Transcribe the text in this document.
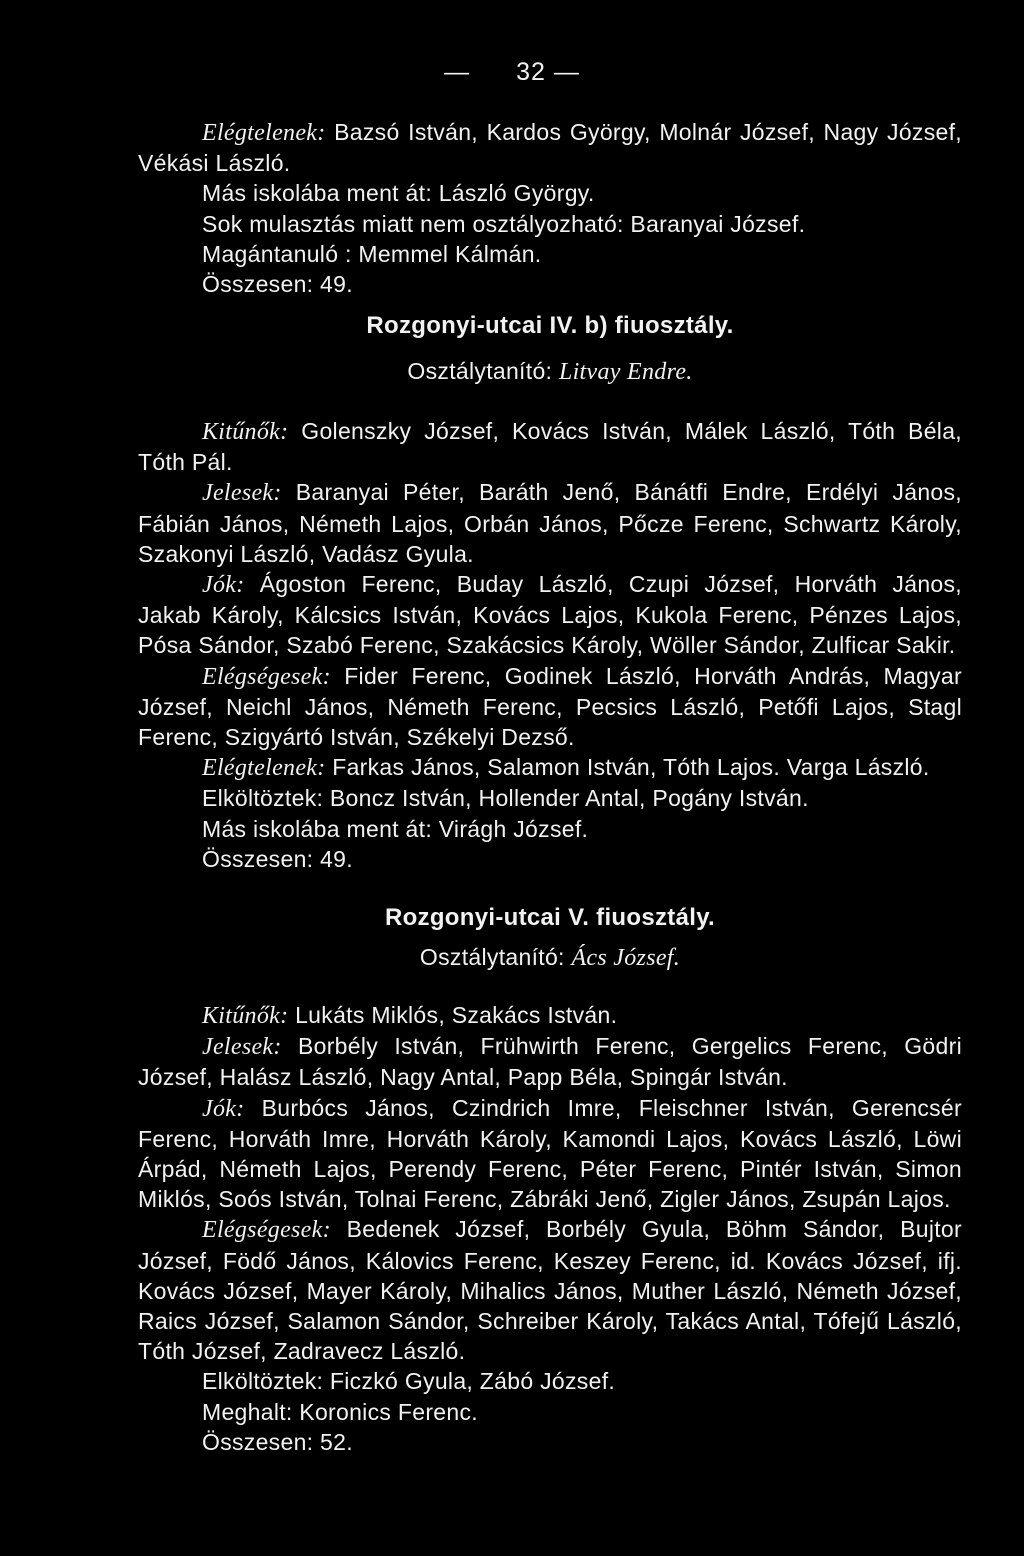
— 32 —

Elégtelenek: Bazsó István, Kardos György, Molnár József, Nagy József, Vékási László.

Más iskolába ment át: László György.

Sok mulasztás miatt nem osztályozható: Baranyai József.

Magántanuló : Memmel Kálmán.

Összesen: 49.

Rozgonyi-utcai IV. b) fiuosztály.
Osztálytanító: Litvay Endre.

Kitűnők: Golenszky József, Kovács István, Málek László, Tóth Béla, Tóth Pál.

Jelesek: Baranyai Péter, Baráth Jenő, Bánátfi Endre, Erdélyi János, Fábián János, Németh Lajos, Orbán János, Pőcze Ferenc, Schwartz Károly, Szakonyi László, Vadász Gyula.

Jók: Ágoston Ferenc, Buday László, Czupi József, Horváth János, Jakab Károly, Kálcsics István, Kovács Lajos, Kukola Ferenc, Pénzes Lajos, Pósa Sándor, Szabó Ferenc, Szakácsics Károly, Wöller Sándor, Zulficar Sakir.

Elégségesek: Fider Ferenc, Godinek László, Horváth András, Magyar József, Neichl János, Németh Ferenc, Pecsics László, Petőfi Lajos, Stagl Ferenc, Szigyártó István, Székelyi Dezső.

Elégtelenek: Farkas János, Salamon István, Tóth Lajos. Varga László.

Elköltöztek: Boncz István, Hollender Antal, Pogány István.

Más iskolába ment át: Virágh József.

Összesen: 49.

Rozgonyi-utcai V. fiuosztály.
Osztálytanító: Ács József.

Kitűnők: Lukáts Miklós, Szakács István.

Jelesek: Borbély István, Frühwirth Ferenc, Gergelics Ferenc, Gödri József, Halász László, Nagy Antal, Papp Béla, Spingár István.

Jók: Burbócs János, Czindrich Imre, Fleischner István, Gerencsér Ferenc, Horváth Imre, Horváth Károly, Kamondi Lajos, Kovács László, Löwi Árpád, Németh Lajos, Perendy Ferenc, Péter Ferenc, Pintér István, Simon Miklós, Soós István, Tolnai Ferenc, Zábráki Jenő, Zigler János, Zsupán Lajos.

Elégségesek: Bedenek József, Borbély Gyula, Böhm Sándor, Bujtor József, Födő János, Kálovics Ferenc, Keszey Ferenc, id. Kovács József, ifj. Kovács József, Mayer Károly, Mihalics János, Muther László, Németh József, Raics József, Salamon Sándor, Schreiber Károly, Takács Antal, Tófejű László, Tóth József, Zadravecz László.

Elköltöztek: Ficzkó Gyula, Zábó József.

Meghalt: Koronics Ferenc.

Összesen: 52.
